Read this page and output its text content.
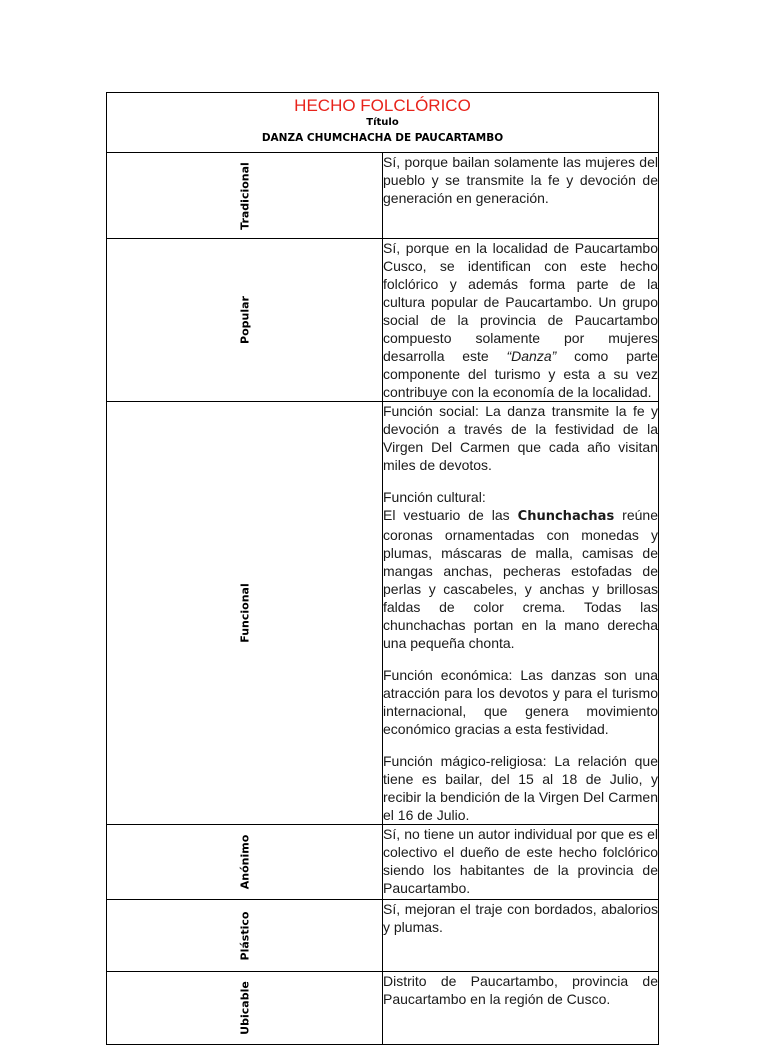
HECHO FOLCLÓRICO
Título
DANZA CHUMCHACHA DE PAUCARTAMBO	

Tradicional	Sí, porque bailan solamente las mujeres del pueblo y se transmite la fe y devoción de generación en generación.

Popular	Sí, porque en la localidad de Paucartambo Cusco, se identifican con este hecho folclórico y además forma parte de la cultura popular de Paucartambo. Un grupo social de la provincia de Paucartambo compuesto solamente por mujeres desarrolla este “Danza” como parte componente del turismo y esta a su vez contribuye con la economía de la localidad.

Funcional	Función social: La danza transmite la fe y devoción a través de la festividad de la Virgen Del Carmen que cada año visitan miles de devotos.

Función cultural:
El vestuario de las Chunchachas reúne coronas ornamentadas con monedas y plumas, máscaras de malla, camisas de mangas anchas, pecheras estofadas de perlas y cascabeles, y anchas y brillosas faldas de color crema. Todas las chunchachas portan en la mano derecha una pequeña chonta.

Función económica: Las danzas son una atracción para los devotos y para el turismo internacional, que genera movimiento económico gracias a esta festividad.

Función mágico-religiosa: La relación que tiene es bailar, del 15 al 18 de Julio, y recibir la bendición de la Virgen Del Carmen el 16 de Julio.

Anónimo	Sí, no tiene un autor individual por que es el colectivo el dueño de este hecho folclórico siendo los habitantes de la provincia de Paucartambo.

Plástico	Sí, mejoran el traje con bordados, abalorios y plumas.

Ubicable	Distrito de Paucartambo, provincia de Paucartambo en la región de Cusco.
